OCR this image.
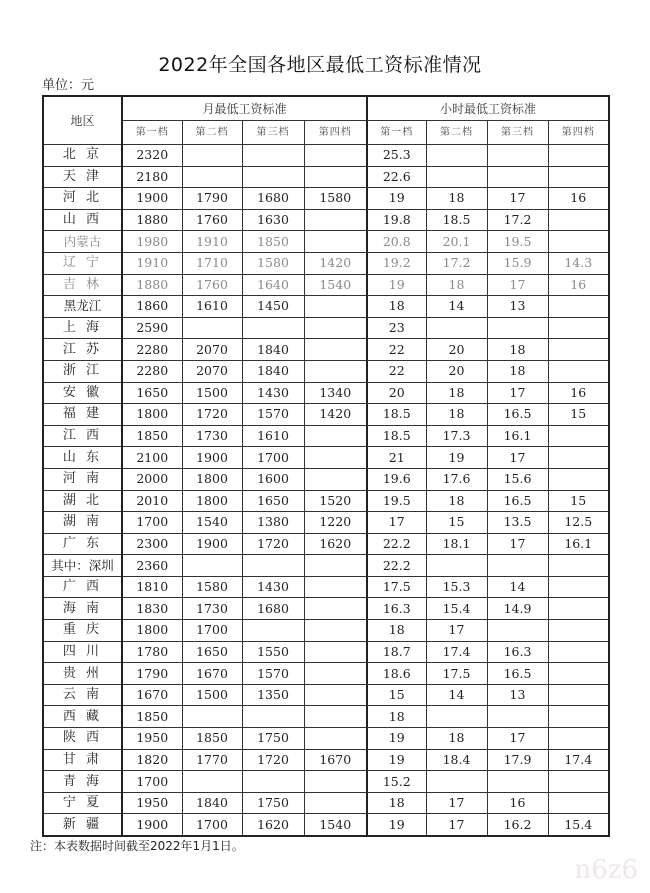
2022年全国各地区最低工资标准情况
单位：元
地区	月最低工资标准				小时最低工资标准			
	第一档	第二档	第三档	第四档	第一档	第二档	第三档	第四档
北 京	2320				25.3			
天 津	2180				22.6			
河 北	1900	1790	1680	1580	19	18	17	16
山 西	1880	1760	1630		19.8	18.5	17.2	
内蒙古	1980	1910	1850		20.8	20.1	19.5	
辽 宁	1910	1710	1580	1420	19.2	17.2	15.9	14.3
吉 林	1880	1760	1640	1540	19	18	17	16
黑龙江	1860	1610	1450		18	14	13	
上 海	2590				23			
江 苏	2280	2070	1840		22	20	18	
浙 江	2280	2070	1840		22	20	18	
安 徽	1650	1500	1430	1340	20	18	17	16
福 建	1800	1720	1570	1420	18.5	18	16.5	15
江 西	1850	1730	1610		18.5	17.3	16.1	
山 东	2100	1900	1700		21	19	17	
河 南	2000	1800	1600		19.6	17.6	15.6	
湖 北	2010	1800	1650	1520	19.5	18	16.5	15
湖 南	1700	1540	1380	1220	17	15	13.5	12.5
广 东	2300	1900	1720	1620	22.2	18.1	17	16.1
其中：深圳	2360				22.2			
广 西	1810	1580	1430		17.5	15.3	14	
海 南	1830	1730	1680		16.3	15.4	14.9	
重 庆	1800	1700			18	17		
四 川	1780	1650	1550		18.7	17.4	16.3	
贵 州	1790	1670	1570		18.6	17.5	16.5	
云 南	1670	1500	1350		15	14	13	
西 藏	1850				18			
陕 西	1950	1850	1750		19	18	17	
甘 肃	1820	1770	1720	1670	19	18.4	17.9	17.4
青 海	1700				15.2			
宁 夏	1950	1840	1750		18	17	16	
新 疆	1900	1700	1620	1540	19	17	16.2	15.4
注：本表数据时间截至2022年1月1日。
n6z6
